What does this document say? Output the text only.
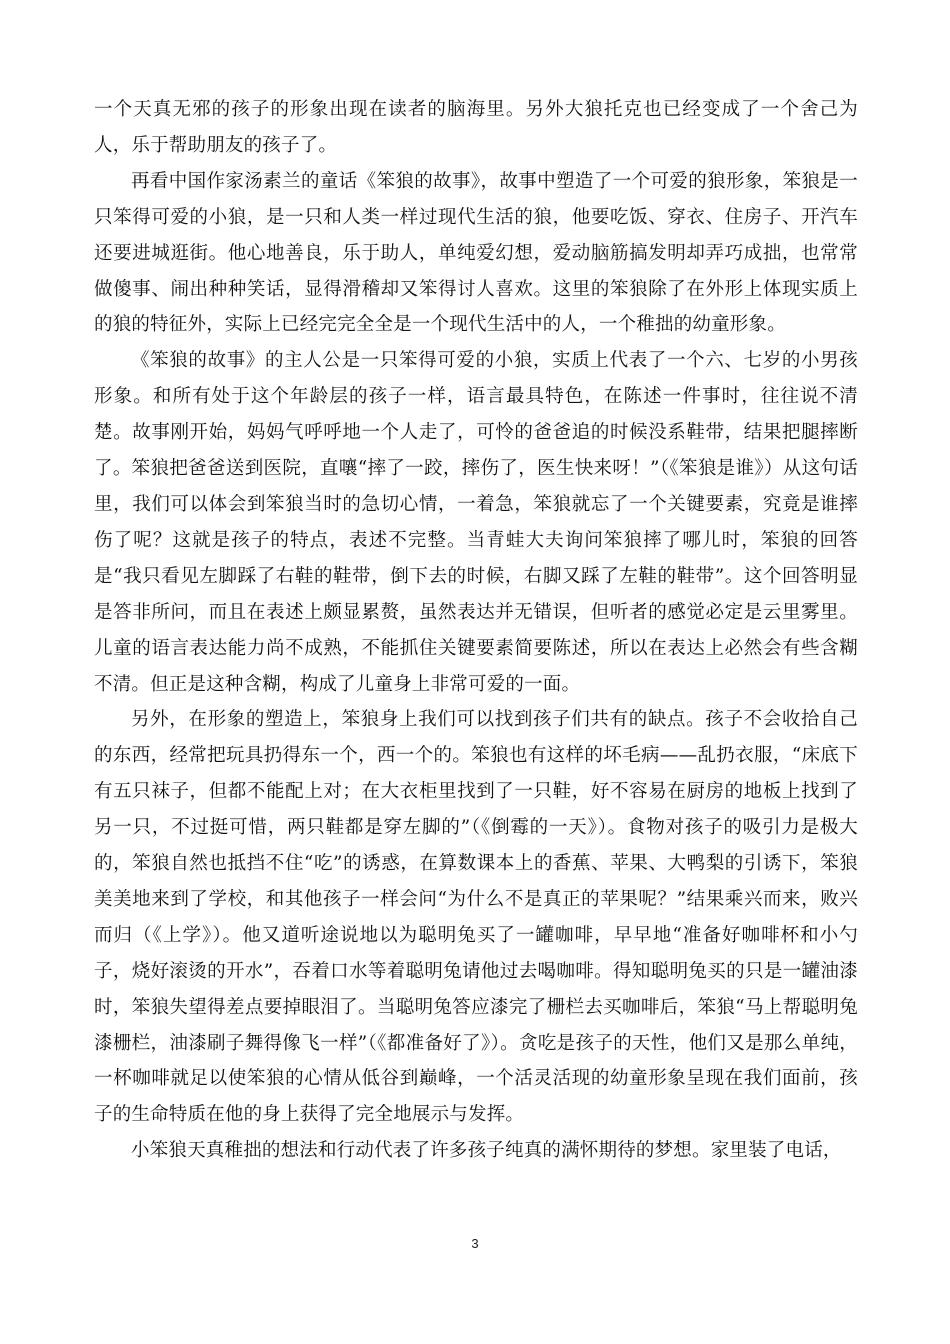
一个天真无邪的孩子的形象出现在读者的脑海里。另外大狼托克也已经变成了一个舍己为人，乐于帮助朋友的孩子了。

再看中国作家汤素兰的童话《笨狼的故事》，故事中塑造了一个可爱的狼形象，笨狼是一只笨得可爱的小狼，是一只和人类一样过现代生活的狼，他要吃饭、穿衣、住房子、开汽车还要进城逛街。他心地善良，乐于助人，单纯爱幻想，爱动脑筋搞发明却弄巧成拙，也常常做傻事、闹出种种笑话，显得滑稽却又笨得讨人喜欢。这里的笨狼除了在外形上体现实质上的狼的特征外，实际上已经完完全全是一个现代生活中的人，一个稚拙的幼童形象。

《笨狼的故事》的主人公是一只笨得可爱的小狼，实质上代表了一个六、七岁的小男孩形象。和所有处于这个年龄层的孩子一样，语言最具特色，在陈述一件事时，往往说不清楚。故事刚开始，妈妈气呼呼地一个人走了，可怜的爸爸追的时候没系鞋带，结果把腿摔断了。笨狼把爸爸送到医院，直嚷“摔了一跤，摔伤了，医生快来呀！”（《笨狼是谁》）从这句话里，我们可以体会到笨狼当时的急切心情，一着急，笨狼就忘了一个关键要素，究竟是谁摔伤了呢？这就是孩子的特点，表述不完整。当青蛙大夫询问笨狼摔了哪儿时，笨狼的回答是“我只看见左脚踩了右鞋的鞋带，倒下去的时候，右脚又踩了左鞋的鞋带”。这个回答明显是答非所问，而且在表述上颇显累赘，虽然表达并无错误，但听者的感觉必定是云里雾里。儿童的语言表达能力尚不成熟，不能抓住关键要素简要陈述，所以在表达上必然会有些含糊不清。但正是这种含糊，构成了儿童身上非常可爱的一面。

另外，在形象的塑造上，笨狼身上我们可以找到孩子们共有的缺点。孩子不会收拾自己的东西，经常把玩具扔得东一个，西一个的。笨狼也有这样的坏毛病——乱扔衣服，“床底下有五只袜子，但都不能配上对；在大衣柜里找到了一只鞋，好不容易在厨房的地板上找到了另一只，不过挺可惜，两只鞋都是穿左脚的”（《倒霉的一天》）。食物对孩子的吸引力是极大的，笨狼自然也抵挡不住“吃”的诱惑，在算数课本上的香蕉、苹果、大鸭梨的引诱下，笨狼美美地来到了学校，和其他孩子一样会问“为什么不是真正的苹果呢？”结果乘兴而来，败兴而归（《上学》）。他又道听途说地以为聪明兔买了一罐咖啡，早早地“准备好咖啡杯和小勺子，烧好滚烫的开水”，吞着口水等着聪明兔请他过去喝咖啡。得知聪明兔买的只是一罐油漆时，笨狼失望得差点要掉眼泪了。当聪明兔答应漆完了栅栏去买咖啡后，笨狼“马上帮聪明兔漆栅栏，油漆刷子舞得像飞一样”（《都准备好了》）。贪吃是孩子的天性，他们又是那么单纯，一杯咖啡就足以使笨狼的心情从低谷到巅峰，一个活灵活现的幼童形象呈现在我们面前，孩子的生命特质在他的身上获得了完全地展示与发挥。

小笨狼天真稚拙的想法和行动代表了许多孩子纯真的满怀期待的梦想。家里装了电话，

3
